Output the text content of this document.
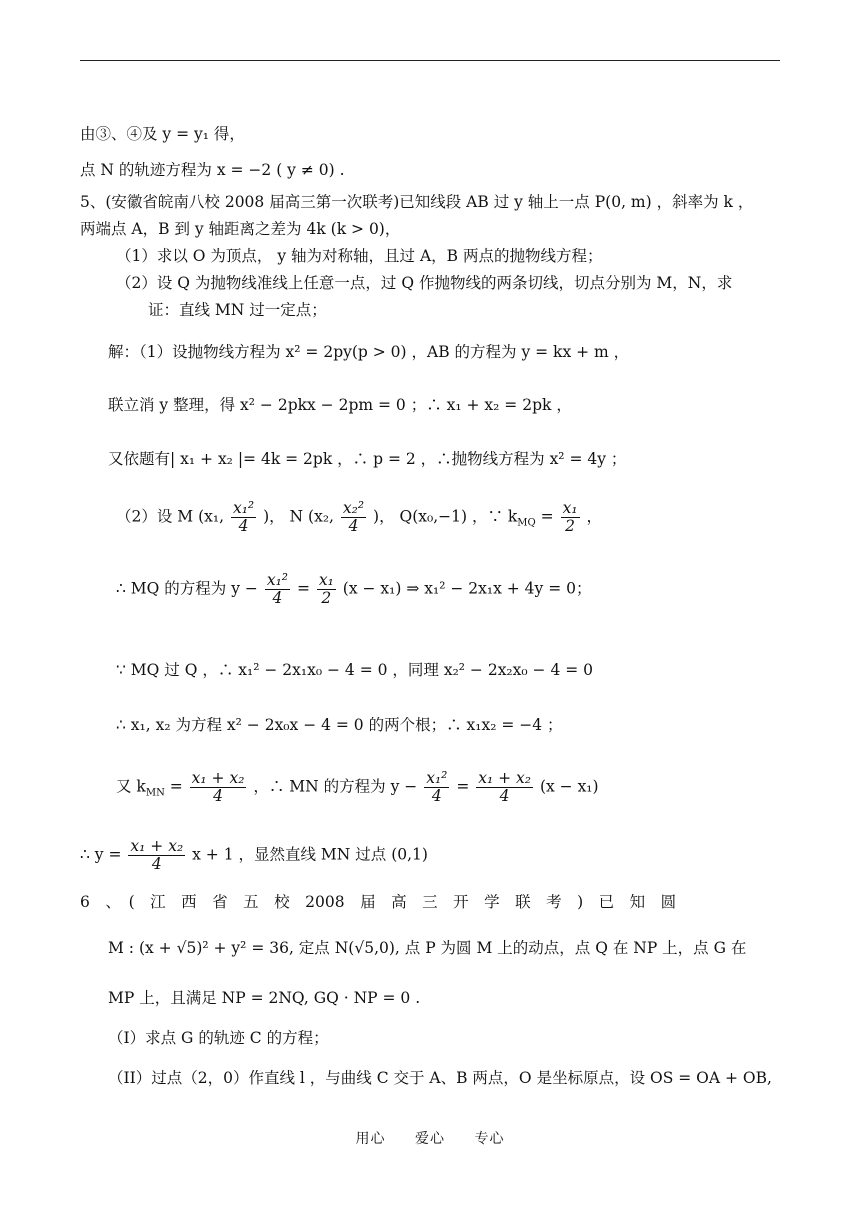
由③、④及 y = y₁ 得，
点 N 的轨迹方程为 x = −2 ( y ≠ 0) .
5、(安徽省皖南八校 2008 届高三第一次联考)已知线段 AB 过 y 轴上一点 P(0, m) ，斜率为 k ，
两端点 A，B 到 y 轴距离之差为 4k (k > 0)，
（1）求以 O 为顶点， y 轴为对称轴，且过 A，B 两点的抛物线方程；
（2）设 Q 为抛物线准线上任意一点，过 Q 作抛物线的两条切线，切点分别为 M，N，求
证：直线 MN 过一定点；
解：（1）设抛物线方程为 x² = 2py(p > 0) ，AB 的方程为 y = kx + m ，
联立消 y 整理，得 x² − 2pkx − 2pm = 0 ；∴ x₁ + x₂ = 2pk ，
又依题有| x₁ + x₂ |= 4k = 2pk ，∴ p = 2 ，∴抛物线方程为 x² = 4y ；
（2）设 M (x₁, $\frac{\text{x₁²}}{4}$ )， N (x₂, $\frac{\text{x₂²}}{4}$ )， Q(x₀,−1) ，∵ $k_{MQ} = \frac{\text{x₁}}{2}$ ，
∴ MQ 的方程为 $y - \frac{\text{x₁²}}{4} = \frac{\text{x₁}}{2} (x - x_1)$ ⇒ x₁² − 2x₁x + 4y = 0；
∵ MQ 过 Q ，∴ x₁² − 2x₁x₀ − 4 = 0 ，同理 x₂² − 2x₂x₀ − 4 = 0
∴ x₁, x₂ 为方程 x² − 2x₀x − 4 = 0 的两个根；∴ x₁x₂ = −4 ；
又 $k_{MN} = \frac{\text{x₁ + x₂}}{4}$ ，∴ MN 的方程为 $y - \frac{\text{x₁²}}{4} = \frac{\text{x₁ + x₂}}{4} (x - x_1)$
∴ $y = \frac{\text{x₁ + x₂}}{4}$ x + 1 ，显然直线 MN 过点 (0,1)
6　、　(　江　西　省　五　校　2008　届　高　三　开　学　联　考　)　已　知　圆
M : (x + √5)² + y² = 36, 定点 N(√5,0), 点 P 为圆 M 上的动点，点 Q 在 NP 上，点 G 在
MP 上，且满足 NP = 2NQ, GQ · NP = 0 .
（I）求点 G 的轨迹 C 的方程；
（II）过点（2，0）作直线 l ，与曲线 C 交于 A、B 两点，O 是坐标原点，设 OS = OA + OB,
用心 爱心 专心
